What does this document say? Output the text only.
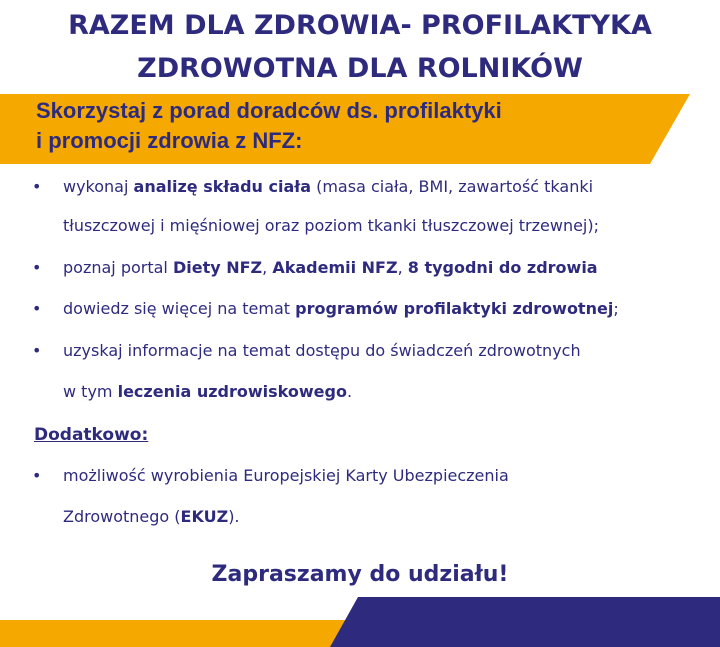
RAZEM DLA ZDROWIA- PROFILAKTYKA
ZDROWOTNA DLA ROLNIKÓW
Skorzystaj z porad doradców ds. profilaktyki
i promocji zdrowia z NFZ:
• wykonaj analizę składu ciała (masa ciała, BMI, zawartość tkanki
tłuszczowej i mięśniowej oraz poziom tkanki tłuszczowej trzewnej);
• poznaj portal Diety NFZ, Akademii NFZ, 8 tygodni do zdrowia
• dowiedz się więcej na temat programów profilaktyki zdrowotnej;
• uzyskaj informacje na temat dostępu do świadczeń zdrowotnych
w tym leczenia uzdrowiskowego.
Dodatkowo:
• możliwość wyrobienia Europejskiej Karty Ubezpieczenia
Zdrowotnego (EKUZ).
Zapraszamy do udziału!
